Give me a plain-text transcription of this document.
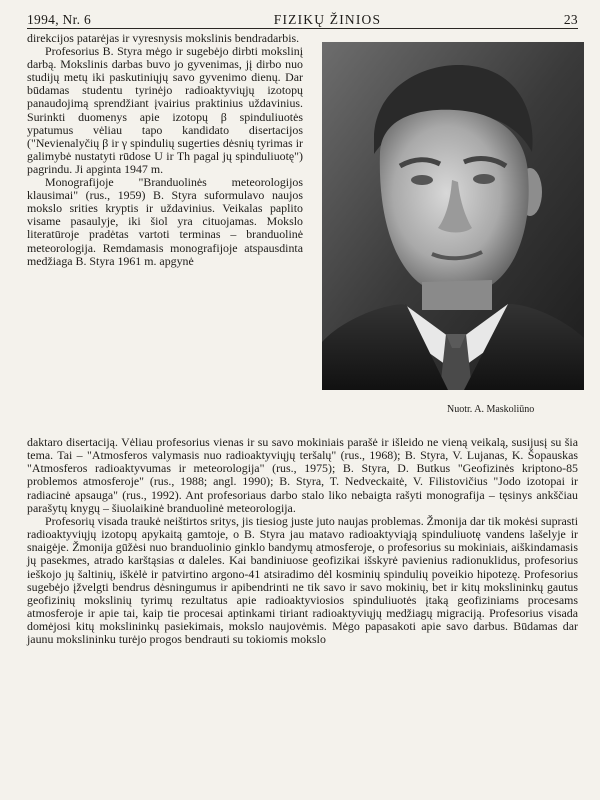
1994, Nr. 6	FIZIKŲ ŽINIOS	23

direkcijos patarėjas ir vyresnysis mokslinis bendradarbis.

Profesorius B. Styra mėgo ir sugebėjo dirbti mokslinį darbą. Mokslinis darbas buvo jo gyvenimas, jį dirbo nuo studijų metų iki paskutiniųjų savo gyvenimo dienų. Dar būdamas studentu tyrinėjo radioaktyviųjų izotopų panaudojimą sprendžiant įvairius praktinius uždavinius. Surinkti duomenys apie izotopų β spinduliuotės ypatumus vėliau tapo kandidato disertacijos ("Nevienalyčių β ir γ spindulių sugerties dėsnių tyrimas ir galimybė nustatyti rūdose U ir Th pagal jų spinduliuotę") pagrindu. Ji apginta 1947 m.

Monografijoje "Branduolinės meteorologijos klausimai" (rus., 1959) B. Styra suformulavo naujos mokslo srities kryptis ir uždavinius. Veikalas paplito visame pasaulyje, iki šiol yra cituojamas. Mokslo literatūroje pradėtas vartoti terminas – branduolinė meteorologija. Remdamasis monografijoje atspausdinta medžiaga B. Styra 1961 m. apgynė

Nuotr. A. Maskoliūno

daktaro disertaciją. Vėliau profesorius vienas ir su savo mokiniais parašė ir išleido ne vieną veikalą, susijusį su šia tema. Tai – "Atmosferos valymasis nuo radioaktyviųjų teršalų" (rus., 1968); B. Styra, V. Lujanas, K. Šopauskas "Atmosferos radioaktyvumas ir meteorologija" (rus., 1975); B. Styra, D. Butkus "Geofizinės kriptono-85 problemos atmosferoje" (rus., 1988; angl. 1990); B. Styra, T. Nedveckaitė, V. Filistovičius "Jodo izotopai ir radiacinė apsauga" (rus., 1992). Ant profesoriaus darbo stalo liko nebaigta rašyti monografija – tęsinys ankščiau parašytų knygų – šiuolaikinė branduolinė meteorologija.

Profesorių visada traukė neištirtos sritys, jis tiesiog juste juto naujas problemas. Žmonija dar tik mokėsi suprasti radioaktyviųjų izotopų apykaitą gamtoje, o B. Styra jau matavo radioaktyviąją spinduliuotę vandens lašelyje ir snaigėje. Žmonija gūžėsi nuo branduolinio ginklo bandymų atmosferoje, o profesorius su mokiniais, aiškindamasis jų pasekmes, atrado karštąsias α daleles. Kai bandiniuose geofizikai išskyrė pavienius radionuklidus, profesorius ieškojo jų šaltinių, iškėlė ir patvirtino argono-41 atsiradimo dėl kosminių spindulių poveikio hipotezę. Profesorius sugebėjo įžvelgti bendrus dėsningumus ir apibendrinti ne tik savo ir savo mokinių, bet ir kitų mokslininkų gautus geofizinių mokslinių tyrimų rezultatus apie radioaktyviosios spinduliuotės įtaką geofiziniams procesams atmosferoje ir apie tai, kaip tie procesai aptinkami tiriant radioaktyviųjų medžiagų migraciją. Profesorius visada domėjosi kitų mokslininkų pasiekimais, mokslo naujovėmis. Mėgo papasakoti apie savo darbus. Būdamas dar jaunu mokslininku turėjo progos bendrauti su tokiomis mokslo
